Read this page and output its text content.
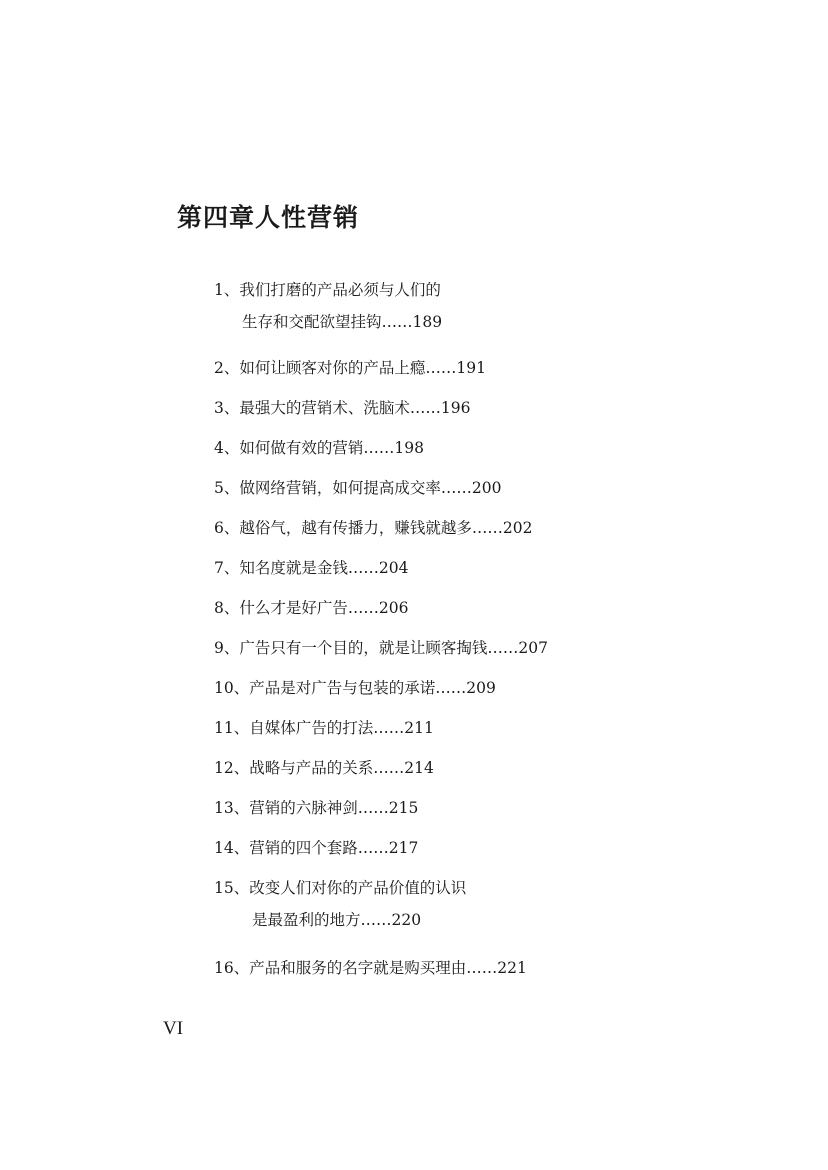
第四章人性营销
1、我们打磨的产品必须与人们的
生存和交配欲望挂钩……189
2、如何让顾客对你的产品上瘾……191
3、最强大的营销术、洗脑术……196
4、如何做有效的营销……198
5、做网络营销，如何提高成交率……200
6、越俗气，越有传播力，赚钱就越多……202
7、知名度就是金钱……204
8、什么才是好广告……206
9、广告只有一个目的，就是让顾客掏钱……207
10、产品是对广告与包装的承诺……209
11、自媒体广告的打法……211
12、战略与产品的关系……214
13、营销的六脉神剑……215
14、营销的四个套路……217
15、改变人们对你的产品价值的认识
是最盈利的地方……220
16、产品和服务的名字就是购买理由……221

VI
